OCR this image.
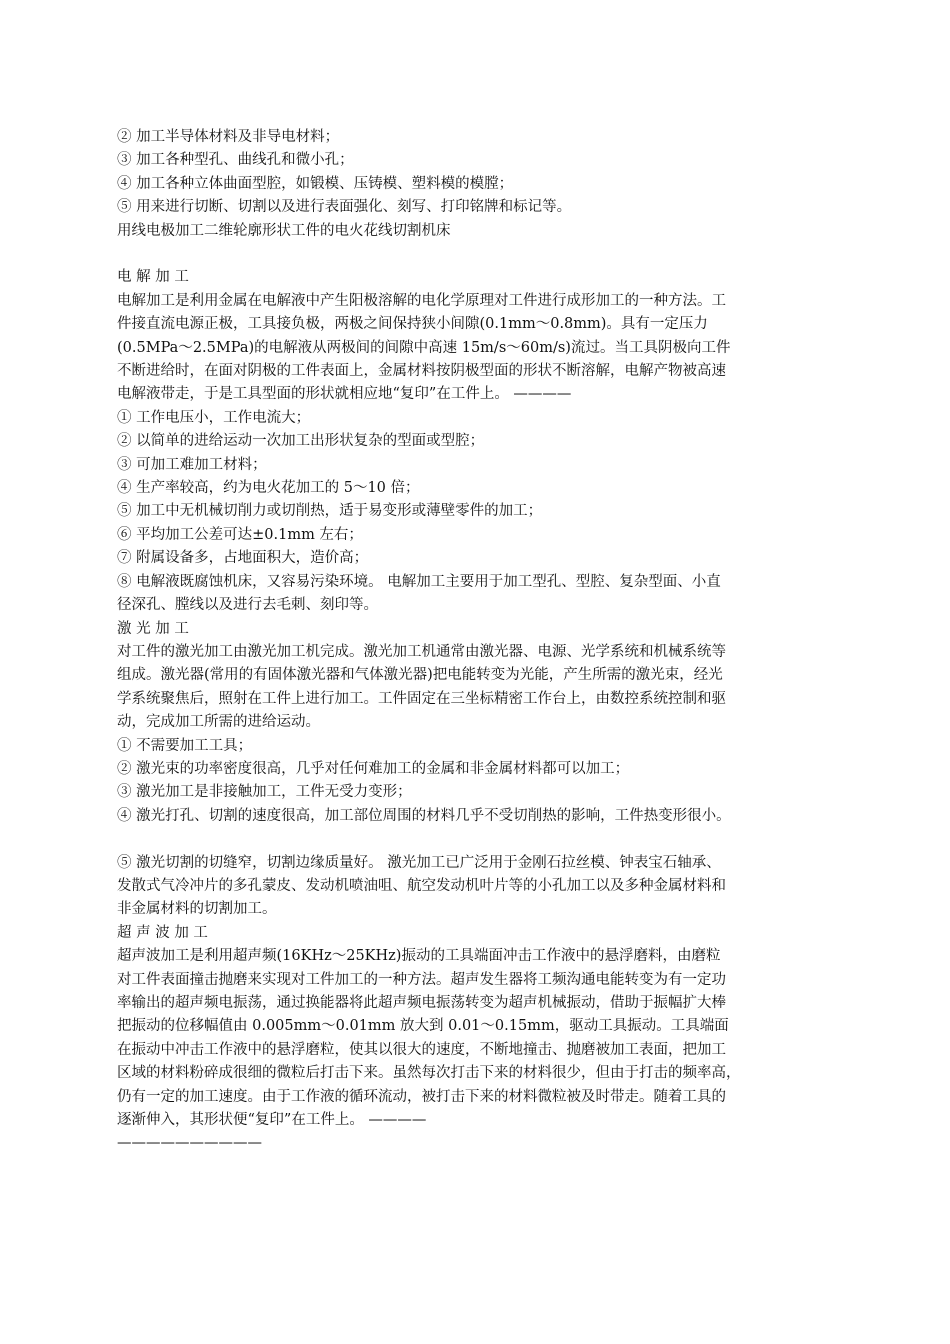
② 加工半导体材料及非导电材料；
③ 加工各种型孔、曲线孔和微小孔；
④ 加工各种立体曲面型腔，如锻模、压铸模、塑料模的模膛；
⑤ 用来进行切断、切割以及进行表面强化、刻写、打印铭牌和标记等。
用线电极加工二维轮廓形状工件的电火花线切割机床
电 解 加 工
电解加工是利用金属在电解液中产生阳极溶解的电化学原理对工件进行成形加工的一种方法。工
件接直流电源正极，工具接负极，两极之间保持狭小间隙(0.1mm～0.8mm)。具有一定压力
(0.5MPa～2.5MPa)的电解液从两极间的间隙中高速 15m/s～60m/s)流过。当工具阴极向工件
不断进给时，在面对阴极的工件表面上，金属材料按阴极型面的形状不断溶解，电解产物被高速
电解液带走，于是工具型面的形状就相应地“复印”在工件上。 ————
① 工作电压小，工作电流大；
② 以简单的进给运动一次加工出形状复杂的型面或型腔；
③ 可加工难加工材料；
④ 生产率较高，约为电火花加工的 5～10 倍；
⑤ 加工中无机械切削力或切削热，适于易变形或薄壁零件的加工；
⑥ 平均加工公差可达±0.1mm 左右；
⑦ 附属设备多，占地面积大，造价高；
⑧ 电解液既腐蚀机床，又容易污染环境。 电解加工主要用于加工型孔、型腔、复杂型面、小直
径深孔、膛线以及进行去毛刺、刻印等。
激 光 加 工
对工件的激光加工由激光加工机完成。激光加工机通常由激光器、电源、光学系统和机械系统等
组成。激光器(常用的有固体激光器和气体激光器)把电能转变为光能，产生所需的激光束，经光
学系统聚焦后，照射在工件上进行加工。工件固定在三坐标精密工作台上，由数控系统控制和驱
动，完成加工所需的进给运动。
① 不需要加工工具；
② 激光束的功率密度很高，几乎对任何难加工的金属和非金属材料都可以加工；
③ 激光加工是非接触加工，工件无受力变形；
④ 激光打孔、切割的速度很高，加工部位周围的材料几乎不受切削热的影响，工件热变形很小。
⑤ 激光切割的切缝窄，切割边缘质量好。 激光加工已广泛用于金刚石拉丝模、钟表宝石轴承、
发散式气冷冲片的多孔蒙皮、发动机喷油咀、航空发动机叶片等的小孔加工以及多种金属材料和
非金属材料的切割加工。
超 声 波 加 工
超声波加工是利用超声频(16KHz～25KHz)振动的工具端面冲击工作液中的悬浮磨料，由磨粒
对工件表面撞击抛磨来实现对工件加工的一种方法。超声发生器将工频沟通电能转变为有一定功
率输出的超声频电振荡，通过换能器将此超声频电振荡转变为超声机械振动，借助于振幅扩大棒
把振动的位移幅值由 0.005mm～0.01mm 放大到 0.01～0.15mm，驱动工具振动。工具端面
在振动中冲击工作液中的悬浮磨粒，使其以很大的速度，不断地撞击、抛磨被加工表面，把加工
区域的材料粉碎成很细的微粒后打击下来。虽然每次打击下来的材料很少，但由于打击的频率高，
仍有一定的加工速度。由于工作液的循环流动，被打击下来的材料微粒被及时带走。随着工具的
逐渐伸入，其形状便“复印”在工件上。 ————
——————————
